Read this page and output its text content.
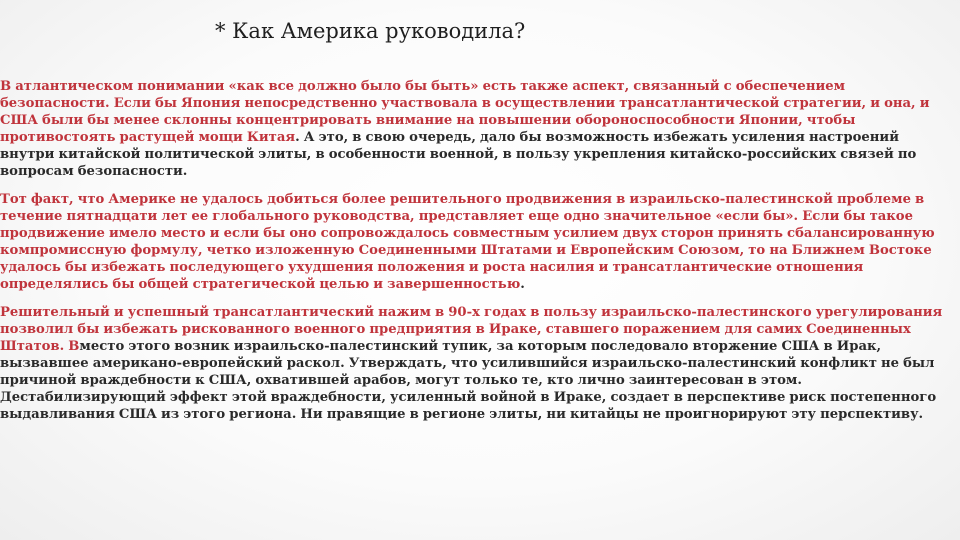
* Как Америка руководила?

В атлантическом понимании «как все должно было бы быть» есть также аспект, связанный с обеспечением безопасности. Если бы Япония непосредственно участвовала в осуществлении трансатлантической стратегии, и она, и США были бы менее склонны концентрировать внимание на повышении обороноспособности Японии, чтобы противостоять растущей мощи Китая. А это, в свою очередь, дало бы возможность избежать усиления настроений внутри китайской политической элиты, в особенности военной, в пользу укрепления китайско-российских связей по вопросам безопасности.

Тот факт, что Америке не удалось добиться более решительного продвижения в израильско-палестинской проблеме в течение пятнадцати лет ее глобального руководства, представляет еще одно значительное «если бы». Если бы такое продвижение имело место и если бы оно сопровождалось совместным усилием двух сторон принять сбалансированную компромиссную формулу, четко изложенную Соединенными Штатами и Европейским Союзом, то на Ближнем Востоке удалось бы избежать последующего ухудшения положения и роста насилия и трансатлантические отношения определялись бы общей стратегической целью и завершенностью.

Решительный и успешный трансатлантический нажим в 90-х годах в пользу израильско-палестинского урегулирования позволил бы избежать рискованного военного предприятия в Ираке, ставшего поражением для самих Соединенных Штатов. Вместо этого возник израильско-палестинский тупик, за которым последовало вторжение США в Ирак, вызвавшее американо-европейский раскол. Утверждать, что усилившийся израильско-палестинский конфликт не был причиной враждебности к США, охватившей арабов, могут только те, кто лично заинтересован в этом. Дестабилизирующий эффект этой враждебности, усиленный войной в Ираке, создает в перспективе риск постепенного выдавливания США из этого региона. Ни правящие в регионе элиты, ни китайцы не проигнорируют эту перспективу.
